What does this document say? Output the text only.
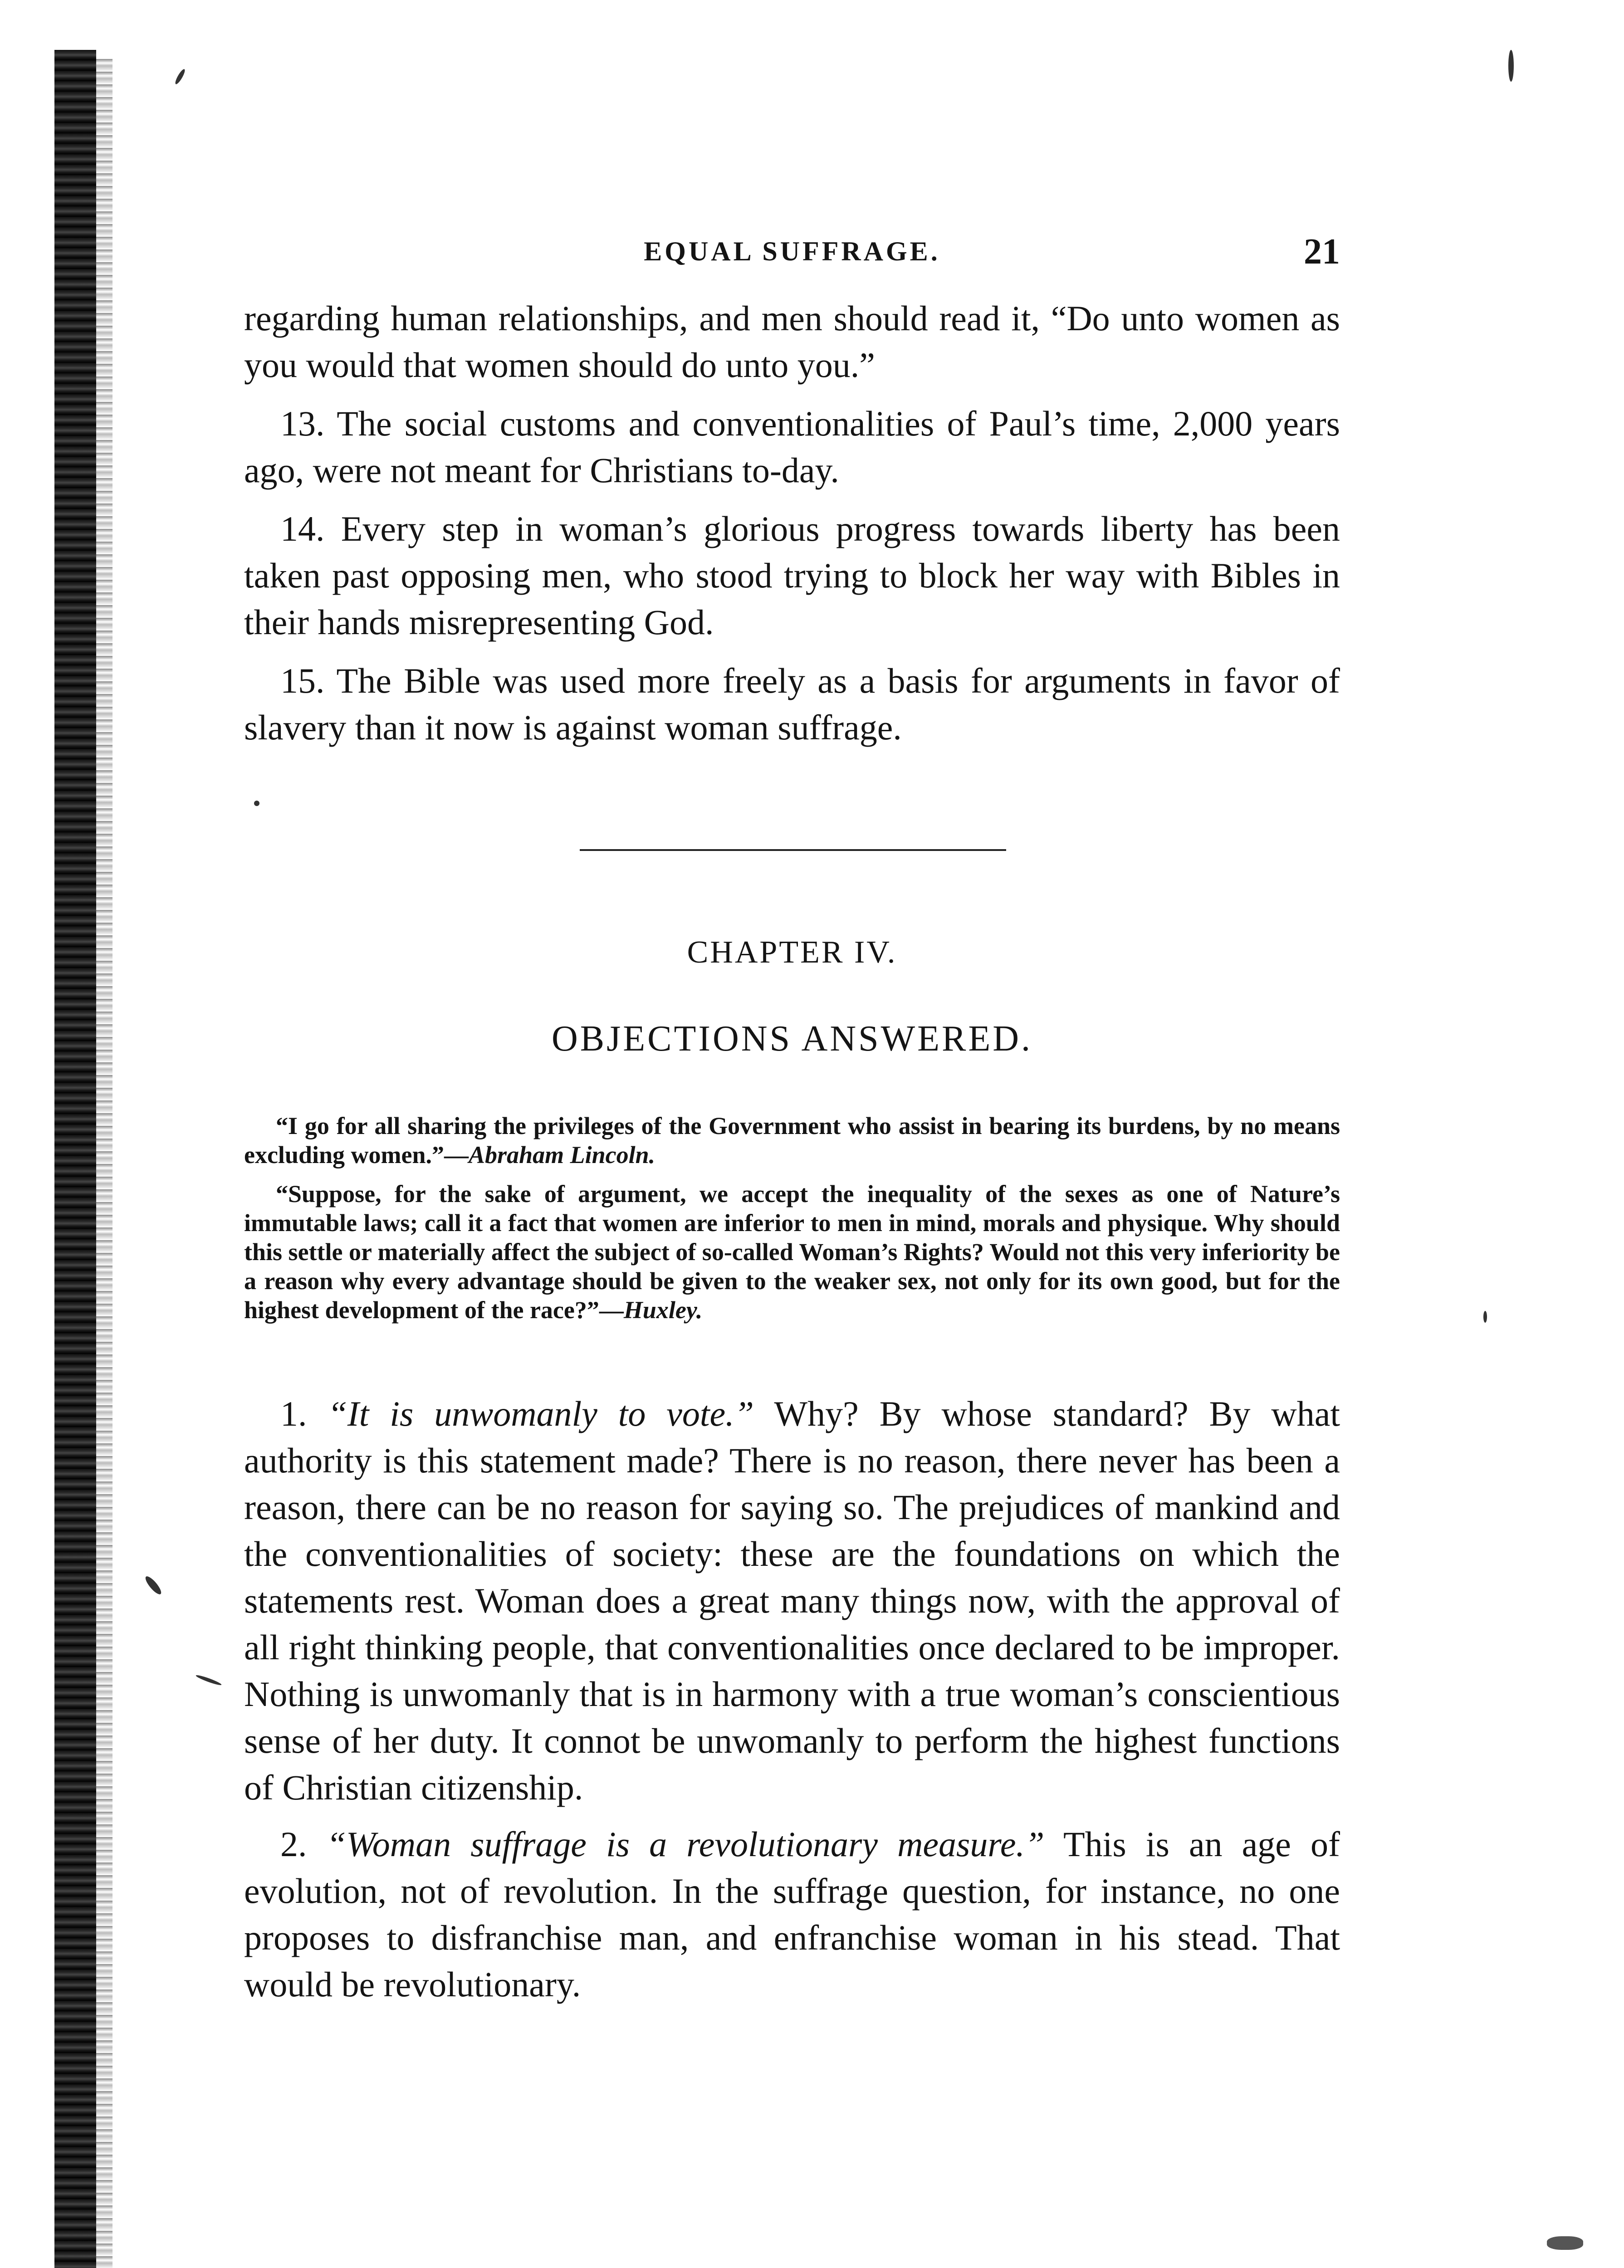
EQUAL SUFFRAGE.	21

regarding human relationships, and men should read it, “Do unto women as you would that women should do unto you.”

13. The social customs and conventionalities of Paul’s time, 2,000 years ago, were not meant for Christians to-day.

14. Every step in woman’s glorious progress towards liberty has been taken past opposing men, who stood trying to block her way with Bibles in their hands misrepresenting God.

15. The Bible was used more freely as a basis for arguments in favor of slavery than it now is against woman suffrage.

CHAPTER IV.
OBJECTIONS ANSWERED.

“I go for all sharing the privileges of the Government who assist in bearing its burdens, by no means excluding women.”—Abraham Lincoln.

“Suppose, for the sake of argument, we accept the inequality of the sexes as one of Nature’s immutable laws; call it a fact that women are inferior to men in mind, morals and physique. Why should this settle or materially affect the subject of so-called Woman’s Rights? Would not this very inferiority be a reason why every advantage should be given to the weaker sex, not only for its own good, but for the highest development of the race?”—Huxley.

1. “It is unwomanly to vote.” Why? By whose standard? By what authority is this statement made? There is no reason, there never has been a reason, there can be no reason for saying so. The prejudices of mankind and the conventionalities of society: these are the foundations on which the statements rest. Woman does a great many things now, with the approval of all right thinking people, that conventionalities once declared to be improper. Nothing is unwomanly that is in harmony with a true woman’s conscientious sense of her duty. It connot be unwomanly to perform the highest functions of Christian citizenship.

2. “Woman suffrage is a revolutionary measure.” This is an age of evolution, not of revolution. In the suffrage question, for instance, no one proposes to disfranchise man, and enfranchise woman in his stead. That would be revolutionary.
